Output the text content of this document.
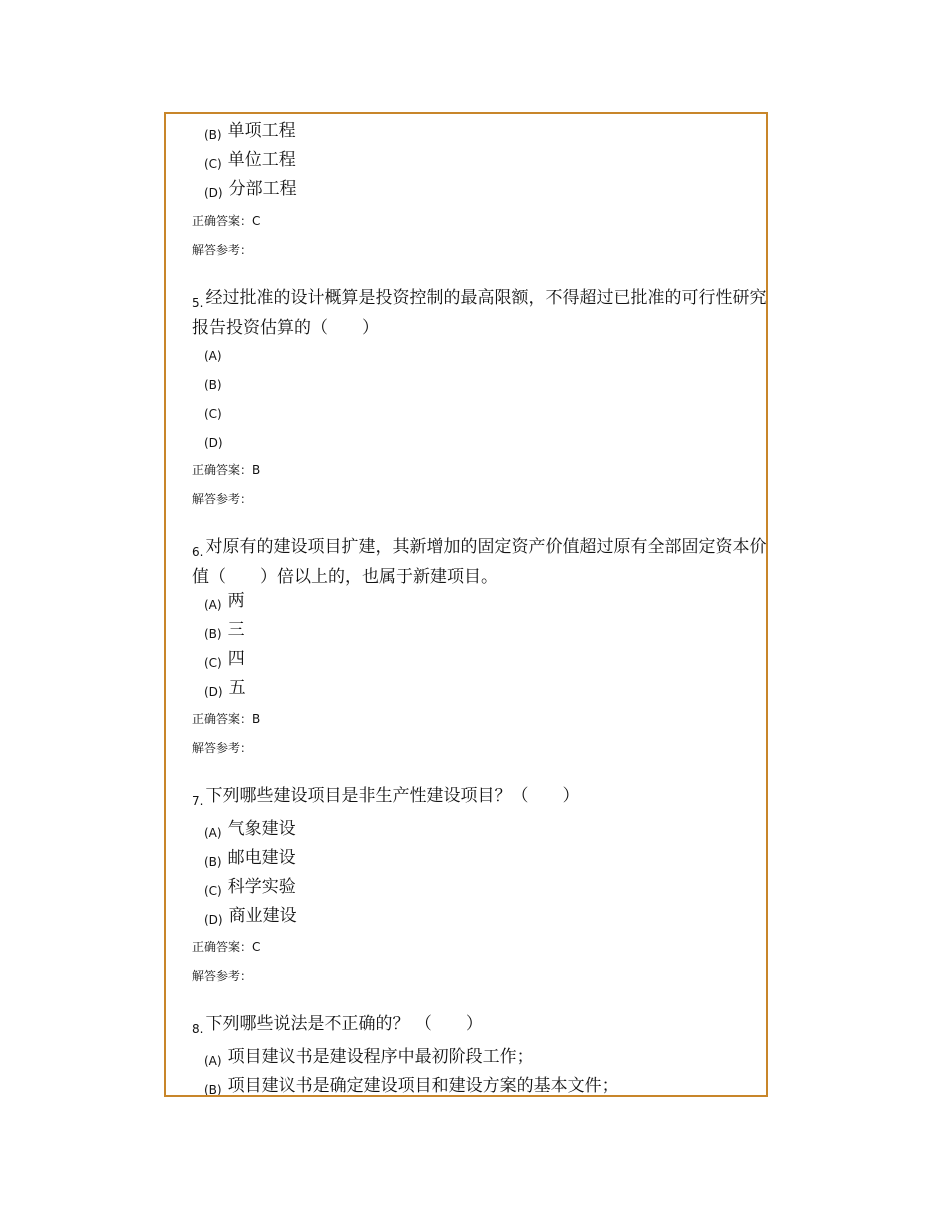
(B) 单项工程
(C) 单位工程
(D) 分部工程
正确答案：C
解答参考：
$_{5.}$ 经过批准的设计概算是投资控制的最高限额，不得超过已批准的可行性研究报告投资估算的（　　）
(A)
(B)
(C)
(D)
正确答案：B
解答参考：
$_{6.}$ 对原有的建设项目扩建，其新增加的固定资产价值超过原有全部固定资本价值（　　）倍以上的，也属于新建项目。
(A) 两
(B) 三
(C) 四
(D) 五
正确答案：B
解答参考：
$_{7.}$ 下列哪些建设项目是非生产性建设项目？（　　）
(A) 气象建设
(B) 邮电建设
(C) 科学实验
(D) 商业建设
正确答案：C
解答参考：
$_{8.}$ 下列哪些说法是不正确的？ （　　）
(A) 项目建议书是建设程序中最初阶段工作；
(B) 项目建议书是确定建设项目和建设方案的基本文件；
